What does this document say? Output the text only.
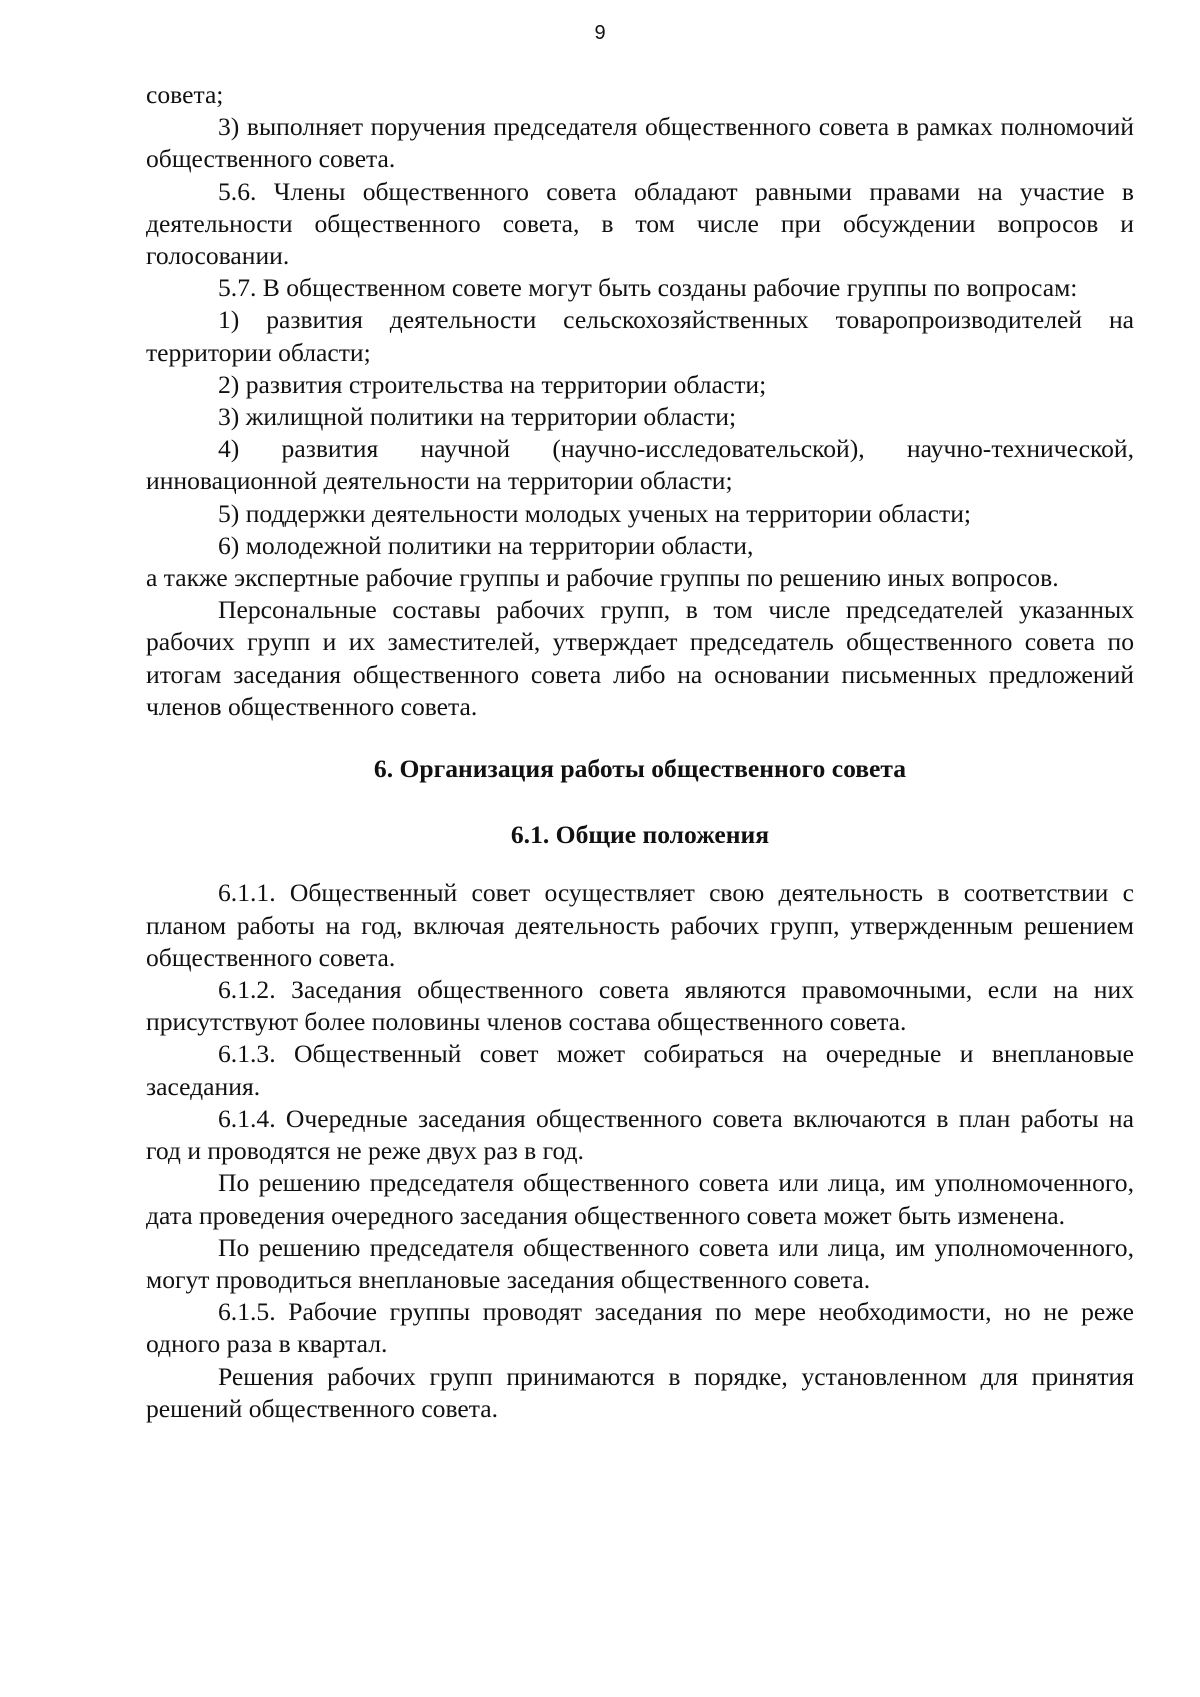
9

совета;

3) выполняет поручения председателя общественного совета в рамках полномочий общественного совета.

5.6. Члены общественного совета обладают равными правами на участие в деятельности общественного совета, в том числе при обсуждении вопросов и голосовании.

5.7. В общественном совете могут быть созданы рабочие группы по вопросам:

1) развития деятельности сельскохозяйственных товаропроизводителей на территории области;

2) развития строительства на территории области;

3) жилищной политики на территории области;

4) развития научной (научно-исследовательской), научно-технической, инновационной деятельности на территории области;

5) поддержки деятельности молодых ученых на территории области;

6) молодежной политики на территории области,

а также экспертные рабочие группы и рабочие группы по решению иных вопросов.

Персональные составы рабочих групп, в том числе председателей указанных рабочих групп и их заместителей, утверждает председатель общественного совета по итогам заседания общественного совета либо на основании письменных предложений членов общественного совета.

6. Организация работы общественного совета
6.1. Общие положения

6.1.1. Общественный совет осуществляет свою деятельность в соответствии с планом работы на год, включая деятельность рабочих групп, утвержденным решением общественного совета.

6.1.2. Заседания общественного совета являются правомочными, если на них присутствуют более половины членов состава общественного совета.

6.1.3. Общественный совет может собираться на очередные и внеплановые заседания.

6.1.4. Очередные заседания общественного совета включаются в план работы на год и проводятся не реже двух раз в год.

По решению председателя общественного совета или лица, им уполномоченного, дата проведения очередного заседания общественного совета может быть изменена.

По решению председателя общественного совета или лица, им уполномоченного, могут проводиться внеплановые заседания общественного совета.

6.1.5. Рабочие группы проводят заседания по мере необходимости, но не реже одного раза в квартал.

Решения рабочих групп принимаются в порядке, установленном для принятия решений общественного совета.
